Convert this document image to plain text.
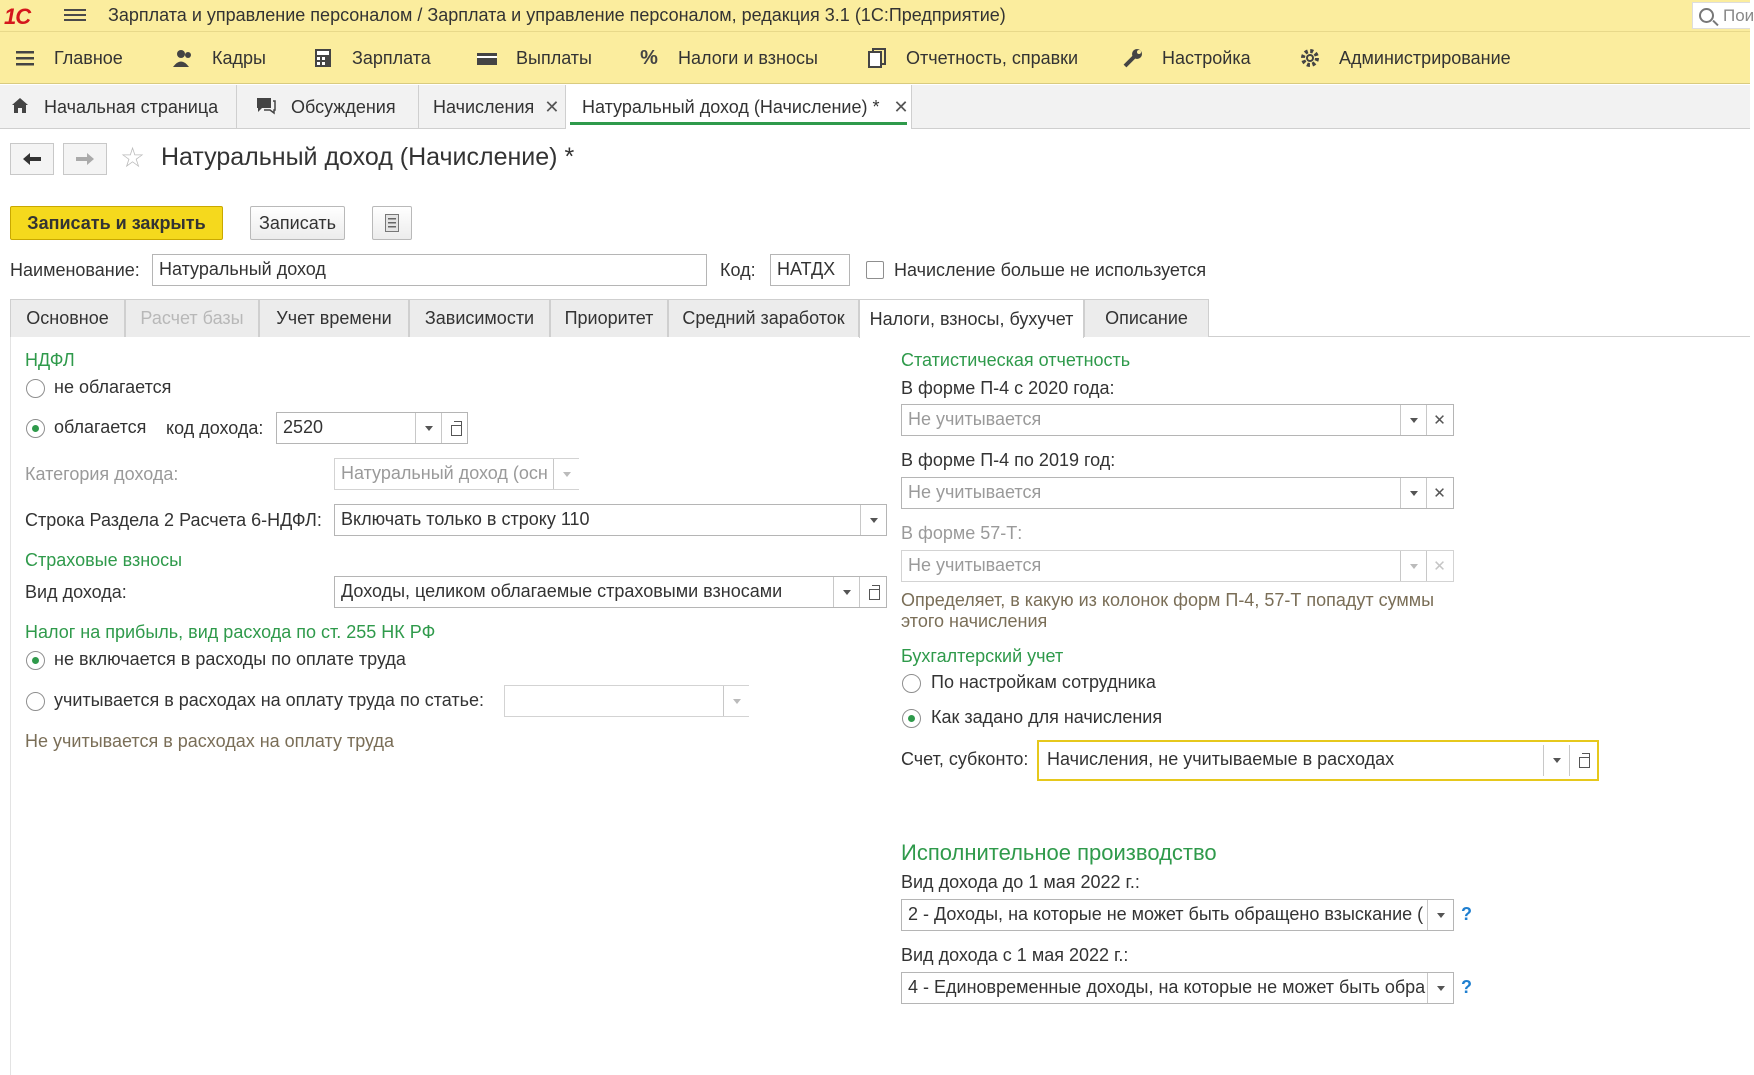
1С	Зарплата и управление персоналом / Зарплата и управление персоналом, редакция 3.1 (1С:Предприятие)	Пои
Главное	Кадры	Зарплата	Выплаты % Налоги и взносы	Отчетность, справки	Настройка	Администрирование
Начальная страница	Обсуждения Начисления ✕ Натуральный доход (Начисление) * ✕
☆ Натуральный доход (Начисление) *
Записать и закрыть	Записать
Наименование:	Натуральный доход	Код:	НАТДХ	Начисление больше не используется
Основное	Расчет базы	Учет времени	Зависимости	Приоритет	Средний заработок	Налоги, взносы, бухучет	Описание
НДФЛ
не облагается
облагается код дохода:	2520
Категория дохода:	Натуральный доход (осн
Строка Раздела 2 Расчета 6-НДФЛ:	Включать только в строку 110
Страховые взносы
Вид дохода:	Доходы, целиком облагаемые страховыми взносами
Налог на прибыль, вид расхода по ст. 255 НК РФ
не включается в расходы по оплате труда
учитывается в расходах на оплату труда по статье:
Не учитывается в расходах на оплату труда
Статистическая отчетность
В форме П-4 с 2020 года:
Не учитывается	✕
В форме П-4 по 2019 год:
Не учитывается	✕
В форме 57-Т:
Не учитывается	✕
Определяет, в какую из колонок форм П-4, 57-Т попадут суммы
этого начисления
Бухгалтерский учет
По настройкам сотрудника
Как задано для начисления
Счет, субконто:	Начисления, не учитываемые в расходах
Исполнительное производство
Вид дохода до 1 мая 2022 г.:
2 - Доходы, на которые не может быть обращено взыскание (	?
Вид дохода с 1 мая 2022 г.:
4 - Единовременные доходы, на которые не может быть обра	?
